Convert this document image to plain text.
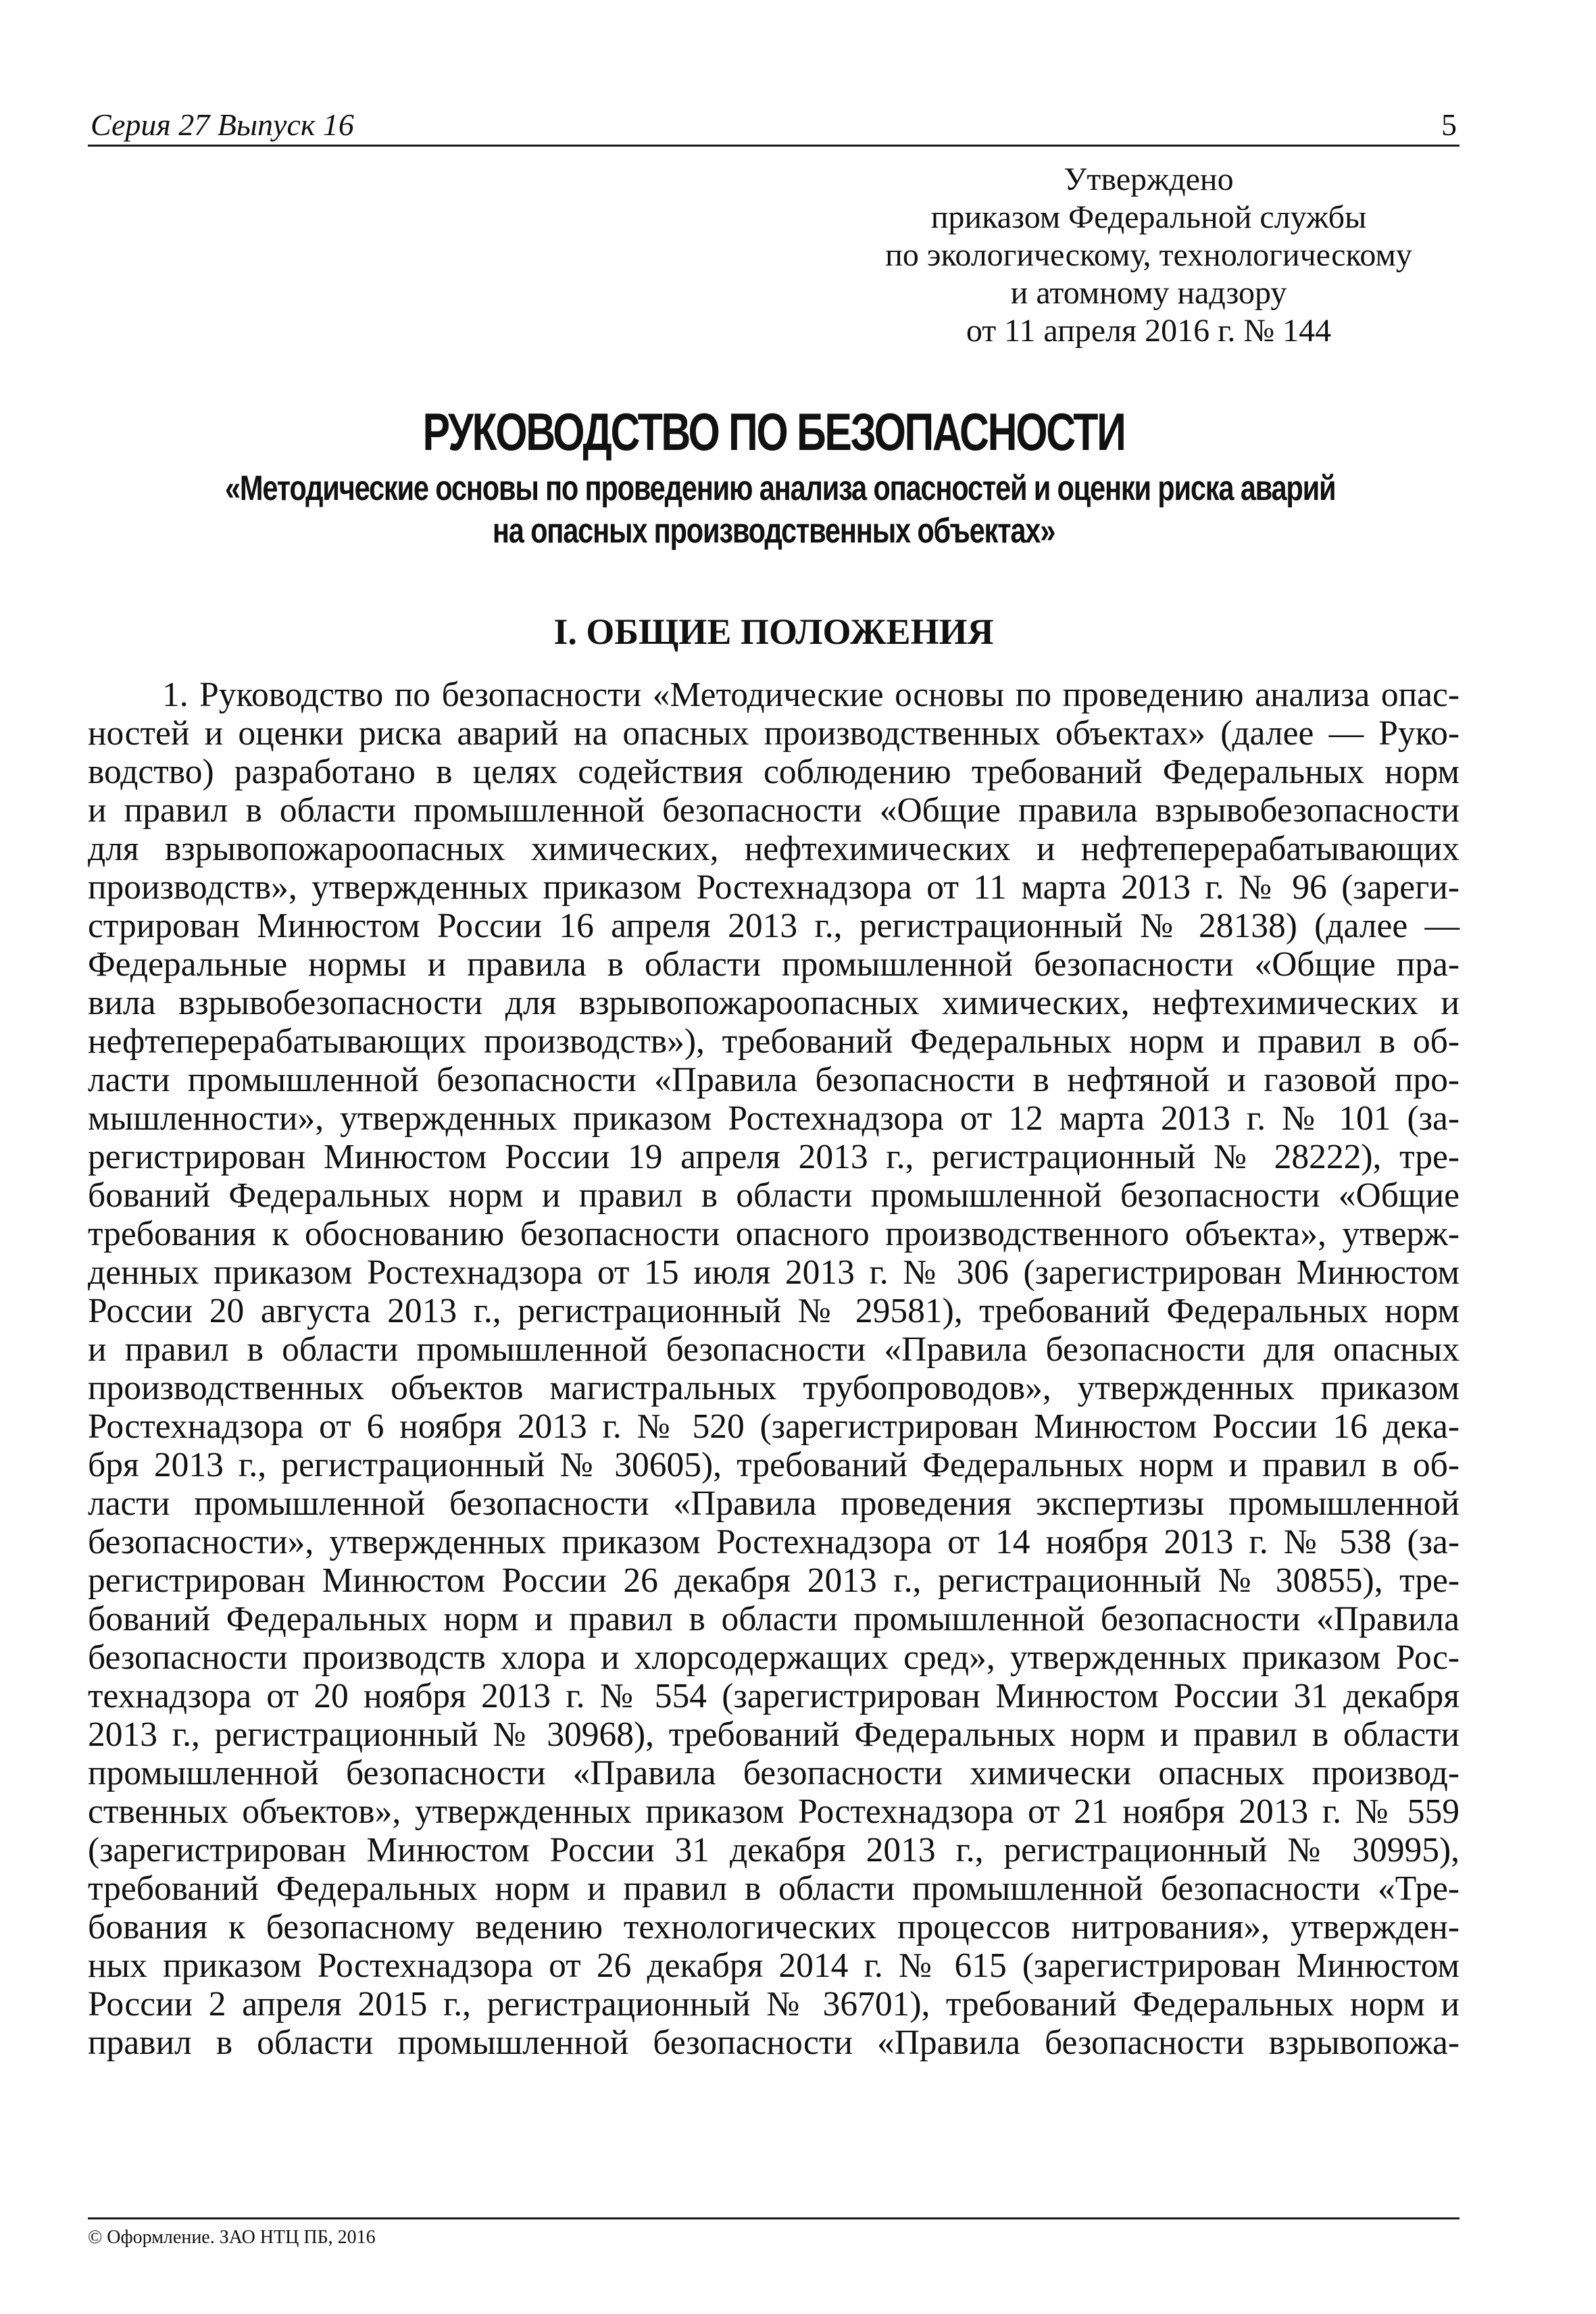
Серия 27 Выпуск 16	5
Утверждено
приказом Федеральной службы
по экологическому, технологическому
и атомному надзору
от 11 апреля 2016 г. № 144
РУКОВОДСТВО ПО БЕЗОПАСНОСТИ
«Методические основы по проведению анализа опасностей и оценки риска аварий
на опасных производственных объектах»
I. ОБЩИЕ ПОЛОЖЕНИЯ
1. Руководство по безопасности «Методические основы по проведению анализа опас-
ностей и оценки риска аварий на опасных производственных объектах» (далее — Руко-
водство) разработано в целях содействия соблюдению требований Федеральных норм
и правил в области промышленной безопасности «Общие правила взрывобезопасности
для взрывопожароопасных химических, нефтехимических и нефтеперерабатывающих
производств», утвержденных приказом Ростехнадзора от 11 марта 2013 г. № 96 (зареги-
стрирован Минюстом России 16 апреля 2013 г., регистрационный № 28138) (далее —
Федеральные нормы и правила в области промышленной безопасности «Общие пра-
вила взрывобезопасности для взрывопожароопасных химических, нефтехимических и
нефтеперерабатывающих производств»), требований Федеральных норм и правил в об-
ласти промышленной безопасности «Правила безопасности в нефтяной и газовой про-
мышленности», утвержденных приказом Ростехнадзора от 12 марта 2013 г. № 101 (за-
регистрирован Минюстом России 19 апреля 2013 г., регистрационный № 28222), тре-
бований Федеральных норм и правил в области промышленной безопасности «Общие
требования к обоснованию безопасности опасного производственного объекта», утверж-
денных приказом Ростехнадзора от 15 июля 2013 г. № 306 (зарегистрирован Минюстом
России 20 августа 2013 г., регистрационный № 29581), требований Федеральных норм
и правил в области промышленной безопасности «Правила безопасности для опасных
производственных объектов магистральных трубопроводов», утвержденных приказом
Ростехнадзора от 6 ноября 2013 г. № 520 (зарегистрирован Минюстом России 16 дека-
бря 2013 г., регистрационный № 30605), требований Федеральных норм и правил в об-
ласти промышленной безопасности «Правила проведения экспертизы промышленной
безопасности», утвержденных приказом Ростехнадзора от 14 ноября 2013 г. № 538 (за-
регистрирован Минюстом России 26 декабря 2013 г., регистрационный № 30855), тре-
бований Федеральных норм и правил в области промышленной безопасности «Правила
безопасности производств хлора и хлорсодержащих сред», утвержденных приказом Рос-
технадзора от 20 ноября 2013 г. № 554 (зарегистрирован Минюстом России 31 декабря
2013 г., регистрационный № 30968), требований Федеральных норм и правил в области
промышленной безопасности «Правила безопасности химически опасных производ-
ственных объектов», утвержденных приказом Ростехнадзора от 21 ноября 2013 г. № 559
(зарегистрирован Минюстом России 31 декабря 2013 г., регистрационный № 30995),
требований Федеральных норм и правил в области промышленной безопасности «Тре-
бования к безопасному ведению технологических процессов нитрования», утвержден-
ных приказом Ростехнадзора от 26 декабря 2014 г. № 615 (зарегистрирован Минюстом
России 2 апреля 2015 г., регистрационный № 36701), требований Федеральных норм и
правил в области промышленной безопасности «Правила безопасности взрывопожа-
© Оформление. ЗАО НТЦ ПБ, 2016
